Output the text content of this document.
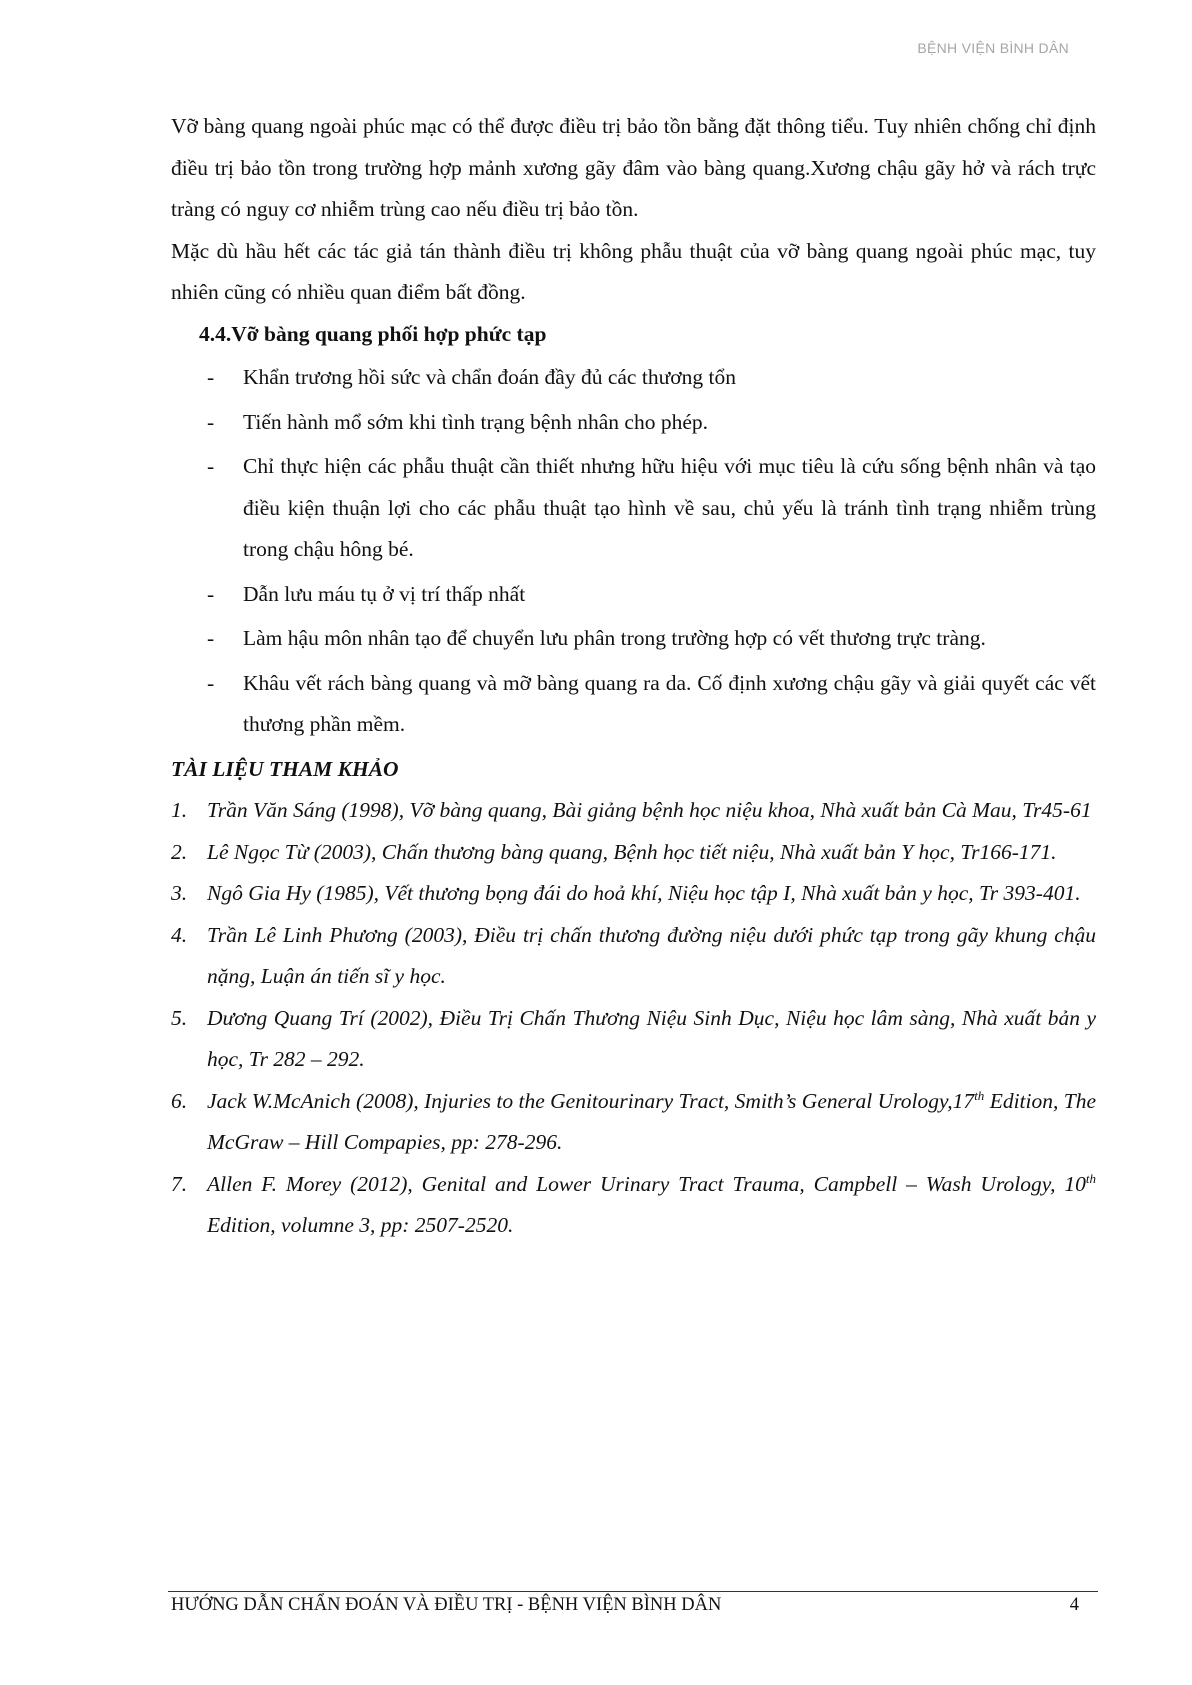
BỆNH VIỆN BÌNH DÂN

Vỡ bàng quang ngoài phúc mạc có thể được điều trị bảo tồn bằng đặt thông tiểu. Tuy nhiên chống chỉ định điều trị bảo tồn trong trường hợp mảnh xương gãy đâm vào bàng quang.Xương chậu gãy hở và rách trực tràng có nguy cơ nhiễm trùng cao nếu điều trị bảo tồn.

Mặc dù hầu hết các tác giả tán thành điều trị không phẫu thuật của vỡ bàng quang ngoài phúc mạc, tuy nhiên cũng có nhiều quan điểm bất đồng.

4.4.Vỡ bàng quang phối hợp phức tạp

- Khẩn trương hồi sức và chẩn đoán đầy đủ các thương tổn
- Tiến hành mổ sớm khi tình trạng bệnh nhân cho phép.
- Chỉ thực hiện các phẫu thuật cần thiết nhưng hữu hiệu với mục tiêu là cứu sống bệnh nhân và tạo điều kiện thuận lợi cho các phẫu thuật tạo hình về sau, chủ yếu là tránh tình trạng nhiễm trùng trong chậu hông bé.
- Dẫn lưu máu tụ ở vị trí thấp nhất
- Làm hậu môn nhân tạo để chuyển lưu phân trong trường hợp có vết thương trực tràng.
- Khâu vết rách bàng quang và mỡ bàng quang ra da. Cố định xương chậu gãy và giải quyết các vết thương phần mềm.

TÀI LIỆU THAM KHẢO

1. Trần Văn Sáng (1998), Vỡ bàng quang, Bài giảng bệnh học niệu khoa, Nhà xuất bản Cà Mau, Tr45-61
2. Lê Ngọc Từ (2003), Chấn thương bàng quang, Bệnh học tiết niệu, Nhà xuất bản Y học, Tr166-171.
3. Ngô Gia Hy (1985), Vết thương bọng đái do hoả khí, Niệu học tập I, Nhà xuất bản y học, Tr 393-401.
4. Trần Lê Linh Phương (2003), Điều trị chấn thương đường niệu dưới phức tạp trong gãy khung chậu nặng, Luận án tiến sĩ y học.
5. Dương Quang Trí (2002), Điều Trị Chấn Thương Niệu Sinh Dục, Niệu học lâm sàng, Nhà xuất bản y học, Tr 282 – 292.
6. Jack W.McAnich (2008), Injuries to the Genitourinary Tract, Smith’s General Urology,17th Edition, The McGraw – Hill Compapies, pp: 278-296.
7. Allen F. Morey (2012), Genital and Lower Urinary Tract Trauma, Campbell – Wash Urology, 10th Edition, volumne 3, pp: 2507-2520.
HƯỚNG DẪN CHẨN ĐOÁN VÀ ĐIỀU TRỊ - BỆNH VIỆN BÌNH DÂN	4
